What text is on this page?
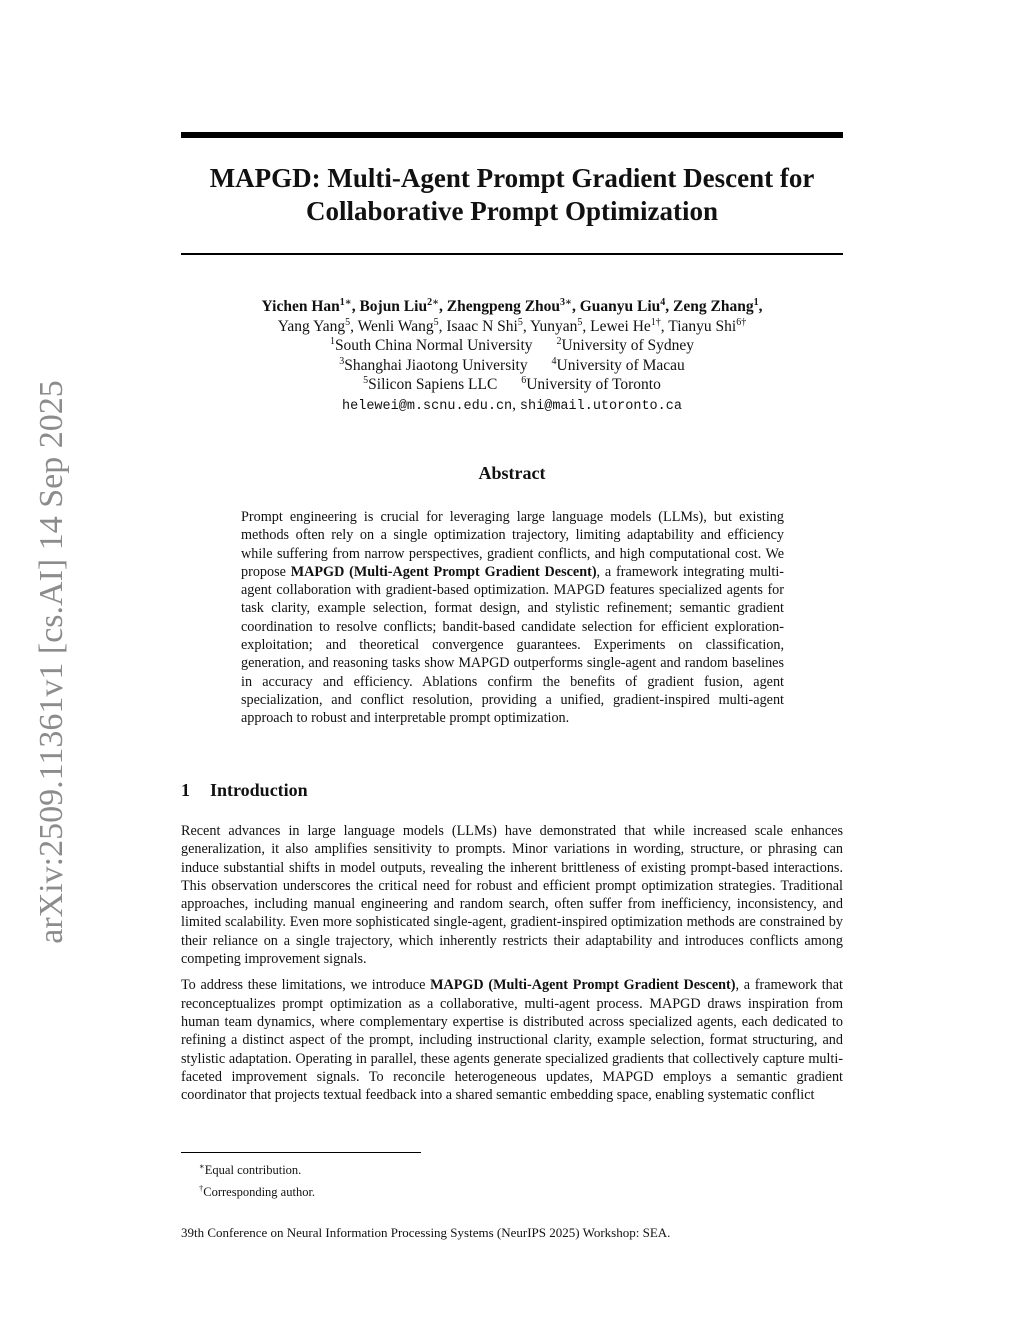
arXiv:2509.11361v1 [cs.AI] 14 Sep 2025
MAPGD: Multi-Agent Prompt Gradient Descent for
Collaborative Prompt Optimization
Yichen Han$^{1∗}$, Bojun Liu$^{2∗}$, Zhengpeng Zhou$^{3∗}$, Guanyu Liu$^4$, Zeng Zhang$^1$,
Yang Yang$^5$, Wenli Wang$^5$, Isaac N Shi$^5$, Yunyan$^5$, Lewei $He^{1\dagger}$, Tianyu Shi$^{6\dagger}$
$^1$South China Normal University $^2$University of Sydney
$^3$Shanghai Jiaotong University $^4$University of Macau
$^5$Silicon Sapiens LLC $^6$University of Toronto
helewei@m.scnu.edu.cn, shi@mail.utoronto.ca
Abstract

Prompt engineering is crucial for leveraging large language models (LLMs), but existing methods often rely on a single optimization trajectory, limiting adaptability and efficiency while suffering from narrow perspectives, gradient conflicts, and high computational cost. We propose MAPGD (Multi-Agent Prompt Gradient Descent), a framework integrating multi-agent collaboration with gradient-based optimization. MAPGD features specialized agents for task clarity, example selection, format design, and stylistic refinement; semantic gradient coordination to resolve conflicts; bandit-based candidate selection for efficient exploration-exploitation; and theoretical convergence guarantees. Experiments on classification, generation, and reasoning tasks show MAPGD outperforms single-agent and random baselines in accuracy and efficiency. Ablations confirm the benefits of gradient fusion, agent specialization, and conflict resolution, providing a unified, gradient-inspired multi-agent approach to robust and interpretable prompt optimization.

1 Introduction

Recent advances in large language models (LLMs) have demonstrated that while increased scale enhances generalization, it also amplifies sensitivity to prompts. Minor variations in wording, structure, or phrasing can induce substantial shifts in model outputs, revealing the inherent brittleness of existing prompt-based interactions. This observation underscores the critical need for robust and efficient prompt optimization strategies. Traditional approaches, including manual engineering and random search, often suffer from inefficiency, inconsistency, and limited scalability. Even more sophisticated single-agent, gradient-inspired optimization methods are constrained by their reliance on a single trajectory, which inherently restricts their adaptability and introduces conflicts among competing improvement signals.

To address these limitations, we introduce MAPGD (Multi-Agent Prompt Gradient Descent), a framework that reconceptualizes prompt optimization as a collaborative, multi-agent process. MAPGD draws inspiration from human team dynamics, where complementary expertise is distributed across specialized agents, each dedicated to refining a distinct aspect of the prompt, including instructional clarity, example selection, format structuring, and stylistic adaptation. Operating in parallel, these agents generate specialized gradients that collectively capture multi-faceted improvement signals. To reconcile heterogeneous updates, MAPGD employs a semantic gradient coordinator that projects textual feedback into a shared semantic embedding space, enabling systematic conflict

∗Equal contribution.
†Corresponding author.
39th Conference on Neural Information Processing Systems (NeurIPS 2025) Workshop: SEA.
